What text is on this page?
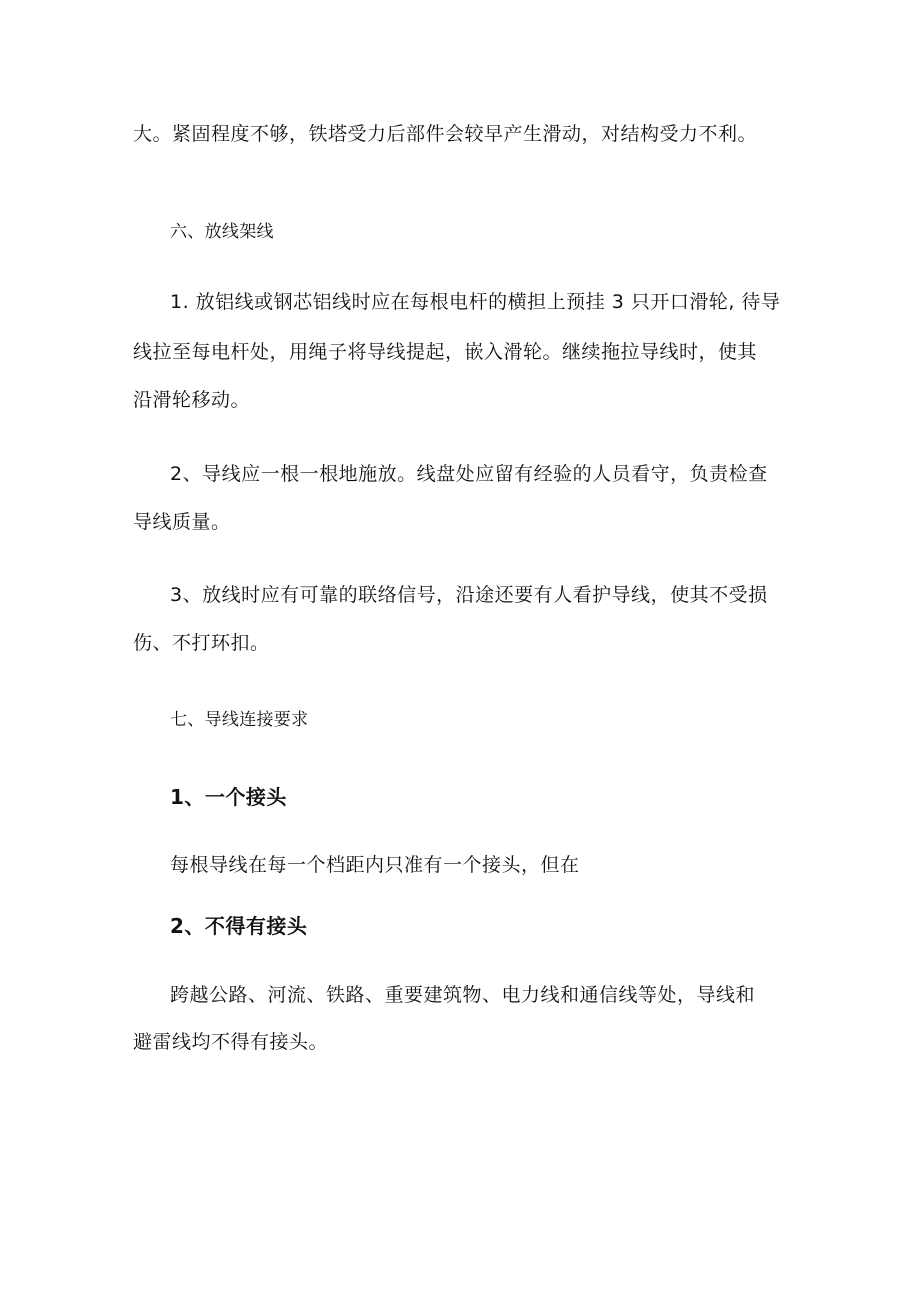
大。紧固程度不够，铁塔受力后部件会较早产生滑动，对结构受力不利。
六、放线架线
1. 放铝线或钢芯铝线时应在每根电杆的横担上预挂 3 只开口滑轮, 待导
线拉至每电杆处，用绳子将导线提起，嵌入滑轮。继续拖拉导线时，使其
沿滑轮移动。
2、导线应一根一根地施放。线盘处应留有经验的人员看守，负责检查
导线质量。
3、放线时应有可靠的联络信号，沿途还要有人看护导线，使其不受损
伤、不打环扣。
七、导线连接要求
1、一个接头
每根导线在每一个档距内只准有一个接头，但在
2、不得有接头
跨越公路、河流、铁路、重要建筑物、电力线和通信线等处，导线和
避雷线均不得有接头。
